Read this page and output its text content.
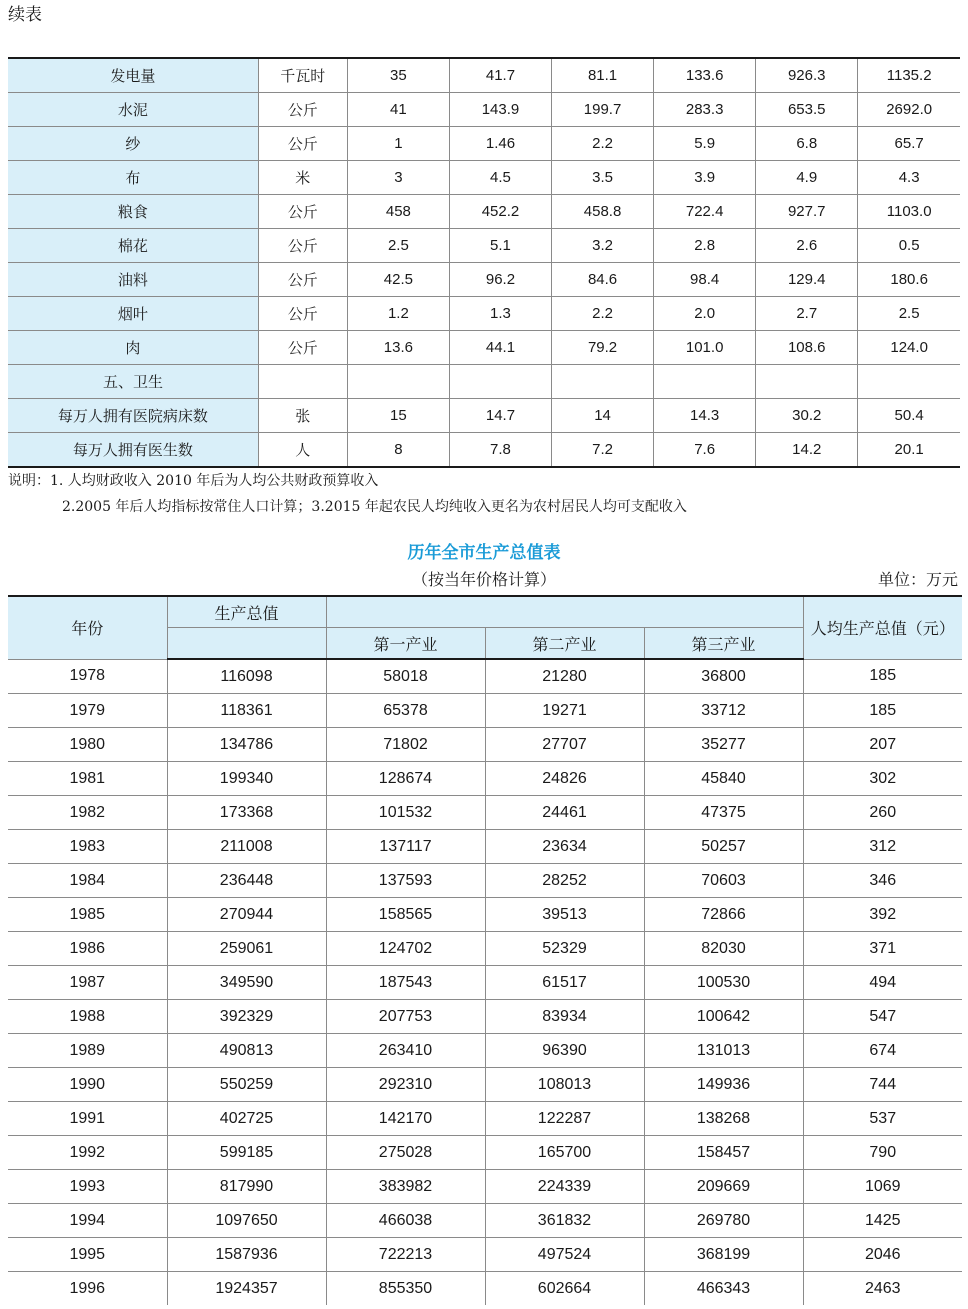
续表
发电量	千瓦时	35	41.7	81.1	133.6	926.3	1135.2
水泥	公斤	41	143.9	199.7	283.3	653.5	2692.0
纱	公斤	1	1.46	2.2	5.9	6.8	65.7
布	米	3	4.5	3.5	3.9	4.9	4.3
粮食	公斤	458	452.2	458.8	722.4	927.7	1103.0
棉花	公斤	2.5	5.1	3.2	2.8	2.6	0.5
油料	公斤	42.5	96.2	84.6	98.4	129.4	180.6
烟叶	公斤	1.2	1.3	2.2	2.0	2.7	2.5
肉	公斤	13.6	44.1	79.2	101.0	108.6	124.0
五、卫生							
每万人拥有医院病床数	张	15	14.7	14	14.3	30.2	50.4
每万人拥有医生数	人	8	7.8	7.2	7.6	14.2	20.1
说明：1. 人均财政收入 2010 年后为人均公共财政预算收入
2.2005 年后人均指标按常住人口计算；3.2015 年起农民人均纯收入更名为农村居民人均可支配收入
历年全市生产总值表
（按当年价格计算）	单位：万元
年份	生产总值				人均生产总值（元）
		第一产业	第二产业	第三产业	
1978	116098	58018	21280	36800	185
1979	118361	65378	19271	33712	185
1980	134786	71802	27707	35277	207
1981	199340	128674	24826	45840	302
1982	173368	101532	24461	47375	260
1983	211008	137117	23634	50257	312
1984	236448	137593	28252	70603	346
1985	270944	158565	39513	72866	392
1986	259061	124702	52329	82030	371
1987	349590	187543	61517	100530	494
1988	392329	207753	83934	100642	547
1989	490813	263410	96390	131013	674
1990	550259	292310	108013	149936	744
1991	402725	142170	122287	138268	537
1992	599185	275028	165700	158457	790
1993	817990	383982	224339	209669	1069
1994	1097650	466038	361832	269780	1425
1995	1587936	722213	497524	368199	2046
1996	1924357	855350	602664	466343	2463
